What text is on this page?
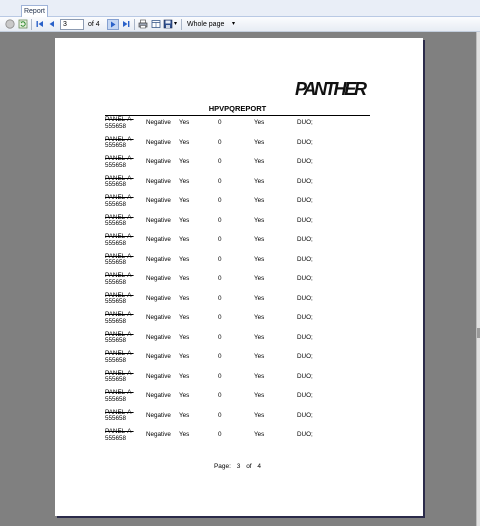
Report
3	of 4	▾	Whole page ▾
PANTHER
HPVPQREPORT
PANEL-A-
555658	Negative Yes	0	Yes	DUO;
PANEL-A-
555658	Negative Yes	0	Yes	DUO;
PANEL-A-
555658	Negative Yes	0	Yes	DUO;
PANEL-A-
555658	Negative Yes	0	Yes	DUO;
PANEL-A-
555658	Negative Yes	0	Yes	DUO;
PANEL-A-
555658	Negative Yes	0	Yes	DUO;
PANEL-A-
555658	Negative Yes	0	Yes	DUO;
PANEL-A-
555658	Negative Yes	0	Yes	DUO;
PANEL-A-
555658	Negative Yes	0	Yes	DUO;
PANEL-A-
555658	Negative Yes	0	Yes	DUO;
PANEL-A-
555658	Negative Yes	0	Yes	DUO;
PANEL-A-
555658	Negative Yes	0	Yes	DUO;
PANEL-A-
555658	Negative Yes	0	Yes	DUO;
PANEL-A-
555658	Negative Yes	0	Yes	DUO;
PANEL-A-
555658	Negative Yes	0	Yes	DUO;
PANEL-A-
555658	Negative Yes	0	Yes	DUO;
PANEL-A-
555658	Negative Yes	0	Yes	DUO;
Page: 3 of 4
